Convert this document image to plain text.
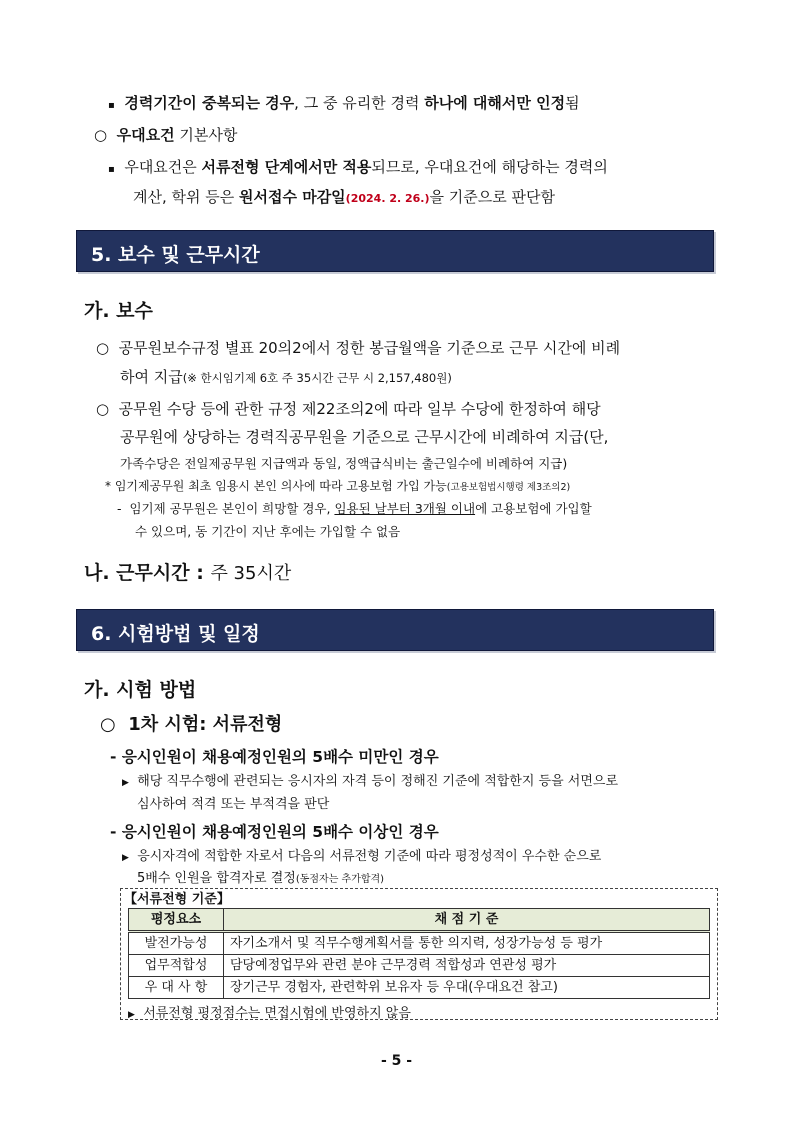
▪ 경력기간이 중복되는 경우, 그 중 유리한 경력 하나에 대해서만 인정됨
○ 우대요건 기본사항
▪ 우대요건은 서류전형 단계에서만 적용되므로, 우대요건에 해당하는 경력의
계산, 학위 등은 원서접수 마감일(2024. 2. 26.)을 기준으로 판단함
5. 보수 및 근무시간
가. 보수
○ 공무원보수규정 별표 20의2에서 정한 봉급월액을 기준으로 근무 시간에 비례
하여 지급(※ 한시임기제 6호 주 35시간 근무 시 2,157,480원)
○ 공무원 수당 등에 관한 규정 제22조의2에 따라 일부 수당에 한정하여 해당
공무원에 상당하는 경력직공무원을 기준으로 근무시간에 비례하여 지급(단,
가족수당은 전일제공무원 지급액과 동일, 정액급식비는 출근일수에 비례하여 지급)
* 임기제공무원 최초 임용시 본인 의사에 따라 고용보험 가입 가능(고용보험법시행령 제3조의2)
- 임기제 공무원은 본인이 희망할 경우, 임용된 날부터 3개월 이내에 고용보험에 가입할
수 있으며, 동 기간이 지난 후에는 가입할 수 없음
나. 근무시간 : 주 35시간
6. 시험방법 및 일정
가. 시험 방법
○ 1차 시험: 서류전형
- 응시인원이 채용예정인원의 5배수 미만인 경우
▶ 해당 직무수행에 관련되는 응시자의 자격 등이 정해진 기준에 적합한지 등을 서면으로
심사하여 적격 또는 부적격을 판단
- 응시인원이 채용예정인원의 5배수 이상인 경우
▶ 응시자격에 적합한 자로서 다음의 서류전형 기준에 따라 평정성적이 우수한 순으로
5배수 인원을 합격자로 결정(동점자는 추가합격)
【서류전형 기준】
평정요소	채 점 기 준
발전가능성	자기소개서 및 직무수행계획서를 통한 의지력, 성장가능성 등 평가
업무적합성	담당예정업무와 관련 분야 근무경력 적합성과 연관성 평가
우 대 사 항	장기근무 경험자, 관련학위 보유자 등 우대(우대요건 참고)
▶ 서류전형 평정점수는 면접시험에 반영하지 않음
- 5 -
